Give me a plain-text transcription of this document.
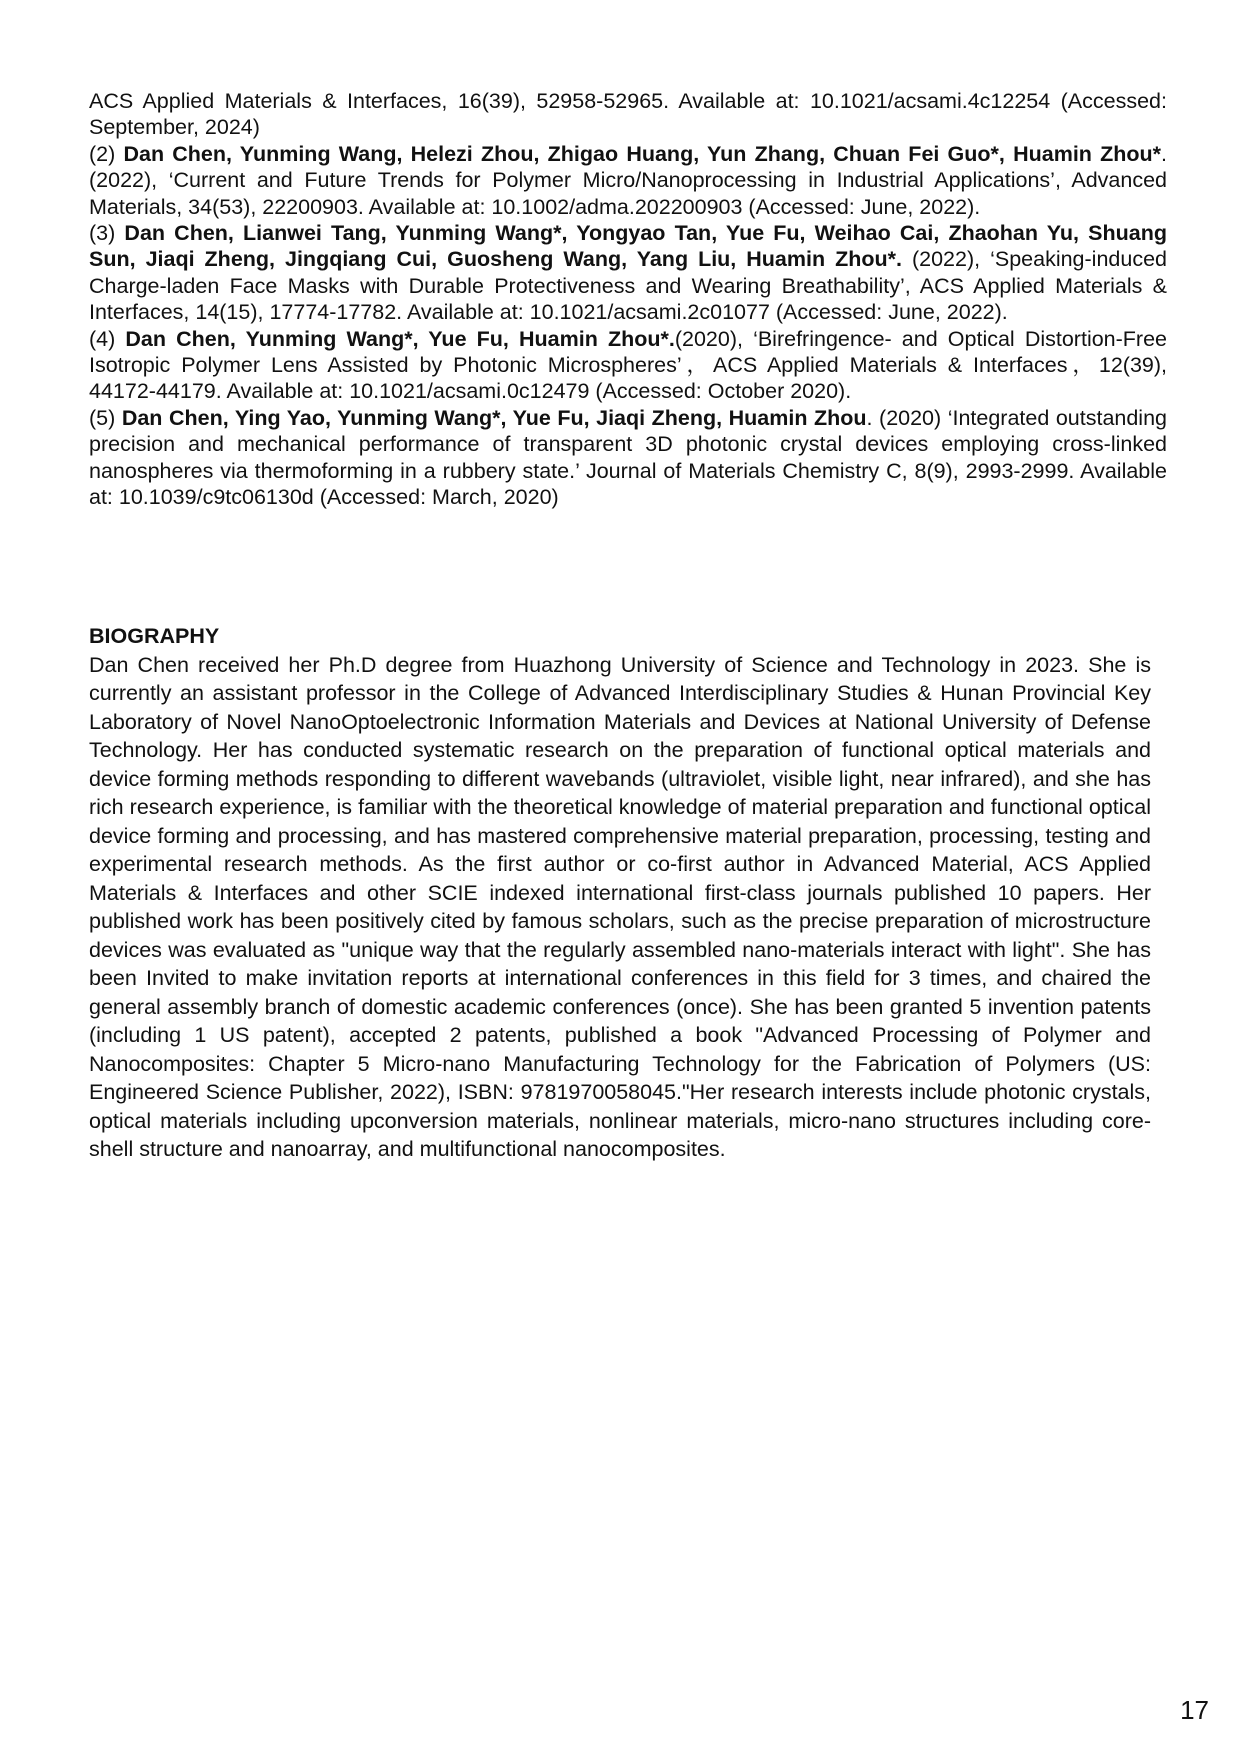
ACS Applied Materials & Interfaces, 16(39), 52958-52965. Available at: 10.1021/acsami.4c12254 (Accessed: September, 2024)

(2) Dan Chen, Yunming Wang, Helezi Zhou, Zhigao Huang, Yun Zhang, Chuan Fei Guo*, Huamin Zhou*. (2022), ‘Current and Future Trends for Polymer Micro/Nanoprocessing in Industrial Applications’, Advanced Materials, 34(53), 22200903. Available at: 10.1002/adma.202200903 (Accessed: June, 2022).

(3) Dan Chen, Lianwei Tang, Yunming Wang*, Yongyao Tan, Yue Fu, Weihao Cai, Zhaohan Yu, Shuang Sun, Jiaqi Zheng, Jingqiang Cui, Guosheng Wang, Yang Liu, Huamin Zhou*. (2022), ‘Speaking-induced Charge-laden Face Masks with Durable Protectiveness and Wearing Breathability’, ACS Applied Materials & Interfaces, 14(15), 17774-17782. Available at: 10.1021/acsami.2c01077 (Accessed: June, 2022).

(4) Dan Chen, Yunming Wang*, Yue Fu, Huamin Zhou*.(2020), ‘Birefringence- and Optical Distortion-Free Isotropic Polymer Lens Assisted by Photonic Microspheres’，ACS Applied Materials & Interfaces，12(39), 44172-44179. Available at: 10.1021/acsami.0c12479 (Accessed: October 2020).

(5) Dan Chen, Ying Yao, Yunming Wang*, Yue Fu, Jiaqi Zheng, Huamin Zhou. (2020) ‘Integrated outstanding precision and mechanical performance of transparent 3D photonic crystal devices employing cross-linked nanospheres via thermoforming in a rubbery state.’ Journal of Materials Chemistry C, 8(9), 2993-2999. Available at: 10.1039/c9tc06130d (Accessed: March, 2020)

BIOGRAPHY

Dan Chen received her Ph.D degree from Huazhong University of Science and Technology in 2023. She is currently an assistant professor in the College of Advanced Interdisciplinary Studies & Hunan Provincial Key Laboratory of Novel NanoOptoelectronic Information Materials and Devices at National University of Defense Technology. Her has conducted systematic research on the preparation of functional optical materials and device forming methods responding to different wavebands (ultraviolet, visible light, near infrared), and she has rich research experience, is familiar with the theoretical knowledge of material preparation and functional optical device forming and processing, and has mastered comprehensive material preparation, processing, testing and experimental research methods. As the first author or co-first author in Advanced Material, ACS Applied Materials & Interfaces and other SCIE indexed international first-class journals published 10 papers. Her published work has been positively cited by famous scholars, such as the precise preparation of microstructure devices was evaluated as "unique way that the regularly assembled nano-materials interact with light". She has been Invited to make invitation reports at international conferences in this field for 3 times, and chaired the general assembly branch of domestic academic conferences (once). She has been granted 5 invention patents (including 1 US patent), accepted 2 patents, published a book "Advanced Processing of Polymer and Nanocomposites: Chapter 5 Micro-nano Manufacturing Technology for the Fabrication of Polymers (US: Engineered Science Publisher, 2022), ISBN: 9781970058045."Her research interests include photonic crystals, optical materials including upconversion materials, nonlinear materials, micro-nano structures including core-shell structure and nanoarray, and multifunctional nanocomposites.

17
